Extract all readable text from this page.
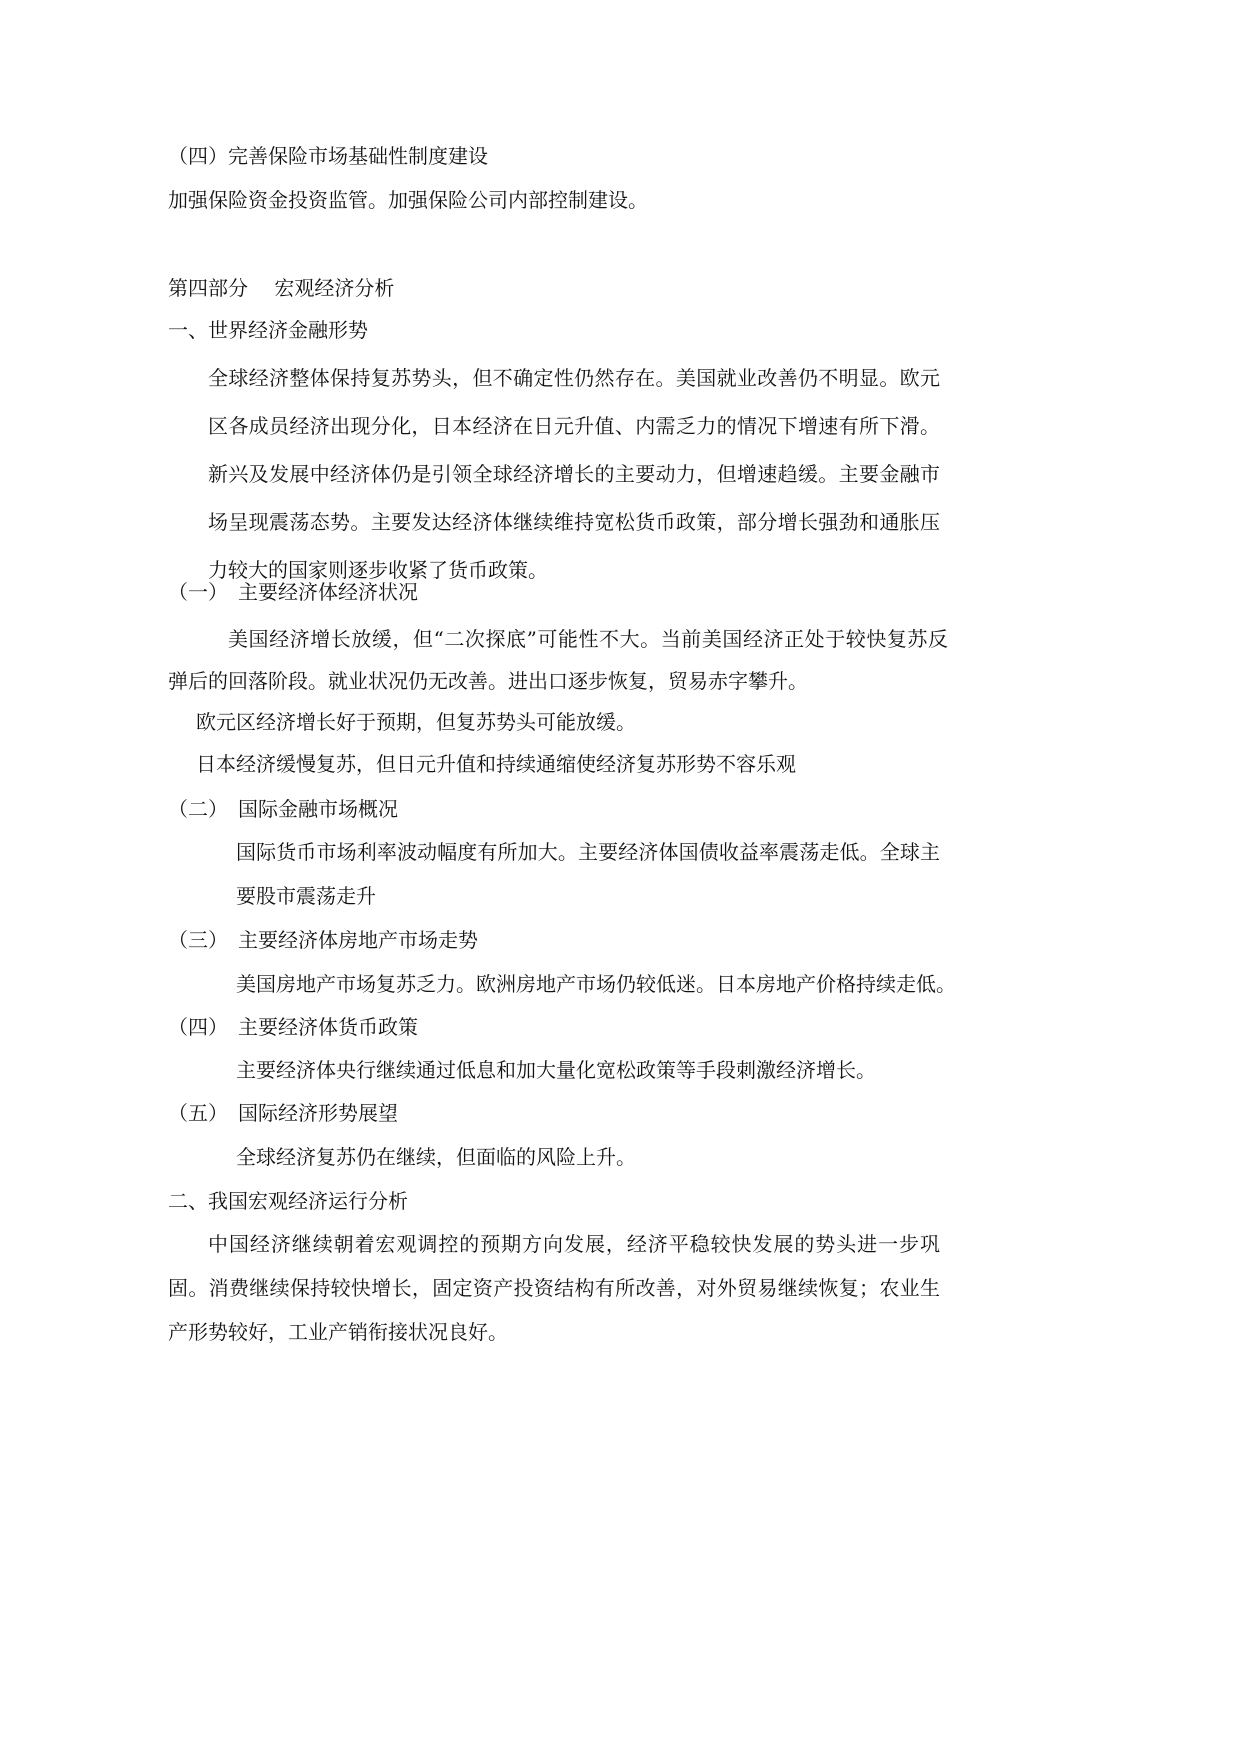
（四）完善保险市场基础性制度建设
加强保险资金投资监管。加强保险公司内部控制建设。
第四部分　 宏观经济分析
一、世界经济金融形势
全球经济整体保持复苏势头，但不确定性仍然存在。美国就业改善仍不明显。欧元区各成员经济出现分化，日本经济在日元升值、内需乏力的情况下增速有所下滑。新兴及发展中经济体仍是引领全球经济增长的主要动力，但增速趋缓。主要金融市场呈现震荡态势。主要发达经济体继续维持宽松货币政策，部分增长强劲和通胀压力较大的国家则逐步收紧了货币政策。
（一）　主要经济体经济状况
美国经济增长放缓，但“二次探底”可能性不大。当前美国经济正处于较快复苏反弹后的回落阶段。就业状况仍无改善。进出口逐步恢复，贸易赤字攀升。
欧元区经济增长好于预期，但复苏势头可能放缓。
日本经济缓慢复苏，但日元升值和持续通缩使经济复苏形势不容乐观
（二）　国际金融市场概况
国际货币市场利率波动幅度有所加大。主要经济体国债收益率震荡走低。全球主要股市震荡走升
（三）　主要经济体房地产市场走势
美国房地产市场复苏乏力。欧洲房地产市场仍较低迷。日本房地产价格持续走低。
（四）　主要经济体货币政策
主要经济体央行继续通过低息和加大量化宽松政策等手段刺激经济增长。
（五）　国际经济形势展望
全球经济复苏仍在继续，但面临的风险上升。
二、我国宏观经济运行分析
中国经济继续朝着宏观调控的预期方向发展，经济平稳较快发展的势头进一步巩固。消费继续保持较快增长，固定资产投资结构有所改善，对外贸易继续恢复；农业生产形势较好，工业产销衔接状况良好。
